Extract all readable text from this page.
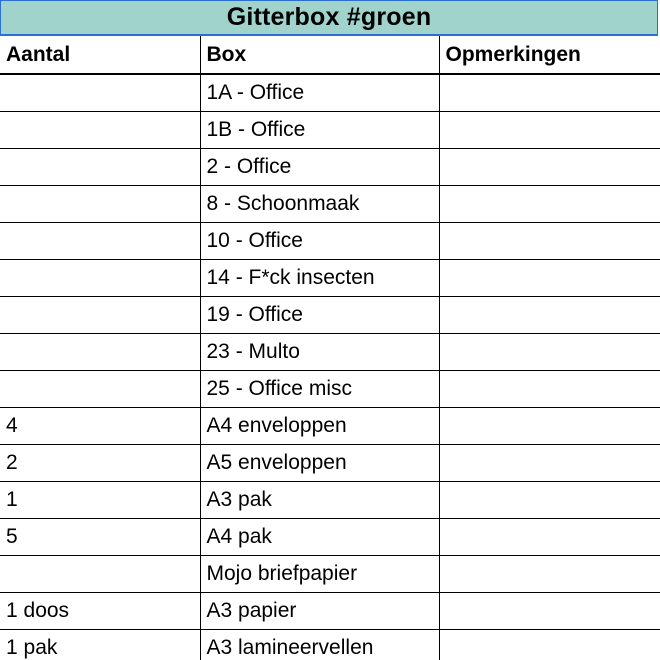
Gitterbox #groen
Aantal	Box	Opmerkingen
	1A - Office	
	1B - Office	
	2 - Office	
	8 - Schoonmaak	
	10 - Office	
	14 - F*ck insecten	
	19 - Office	
	23 - Multo	
	25 - Office misc	
4	A4 enveloppen	
2	A5 enveloppen	
1	A3 pak	
5	A4 pak	
	Mojo briefpapier	
1 doos	A3 papier	
1 pak	A3 lamineervellen	
